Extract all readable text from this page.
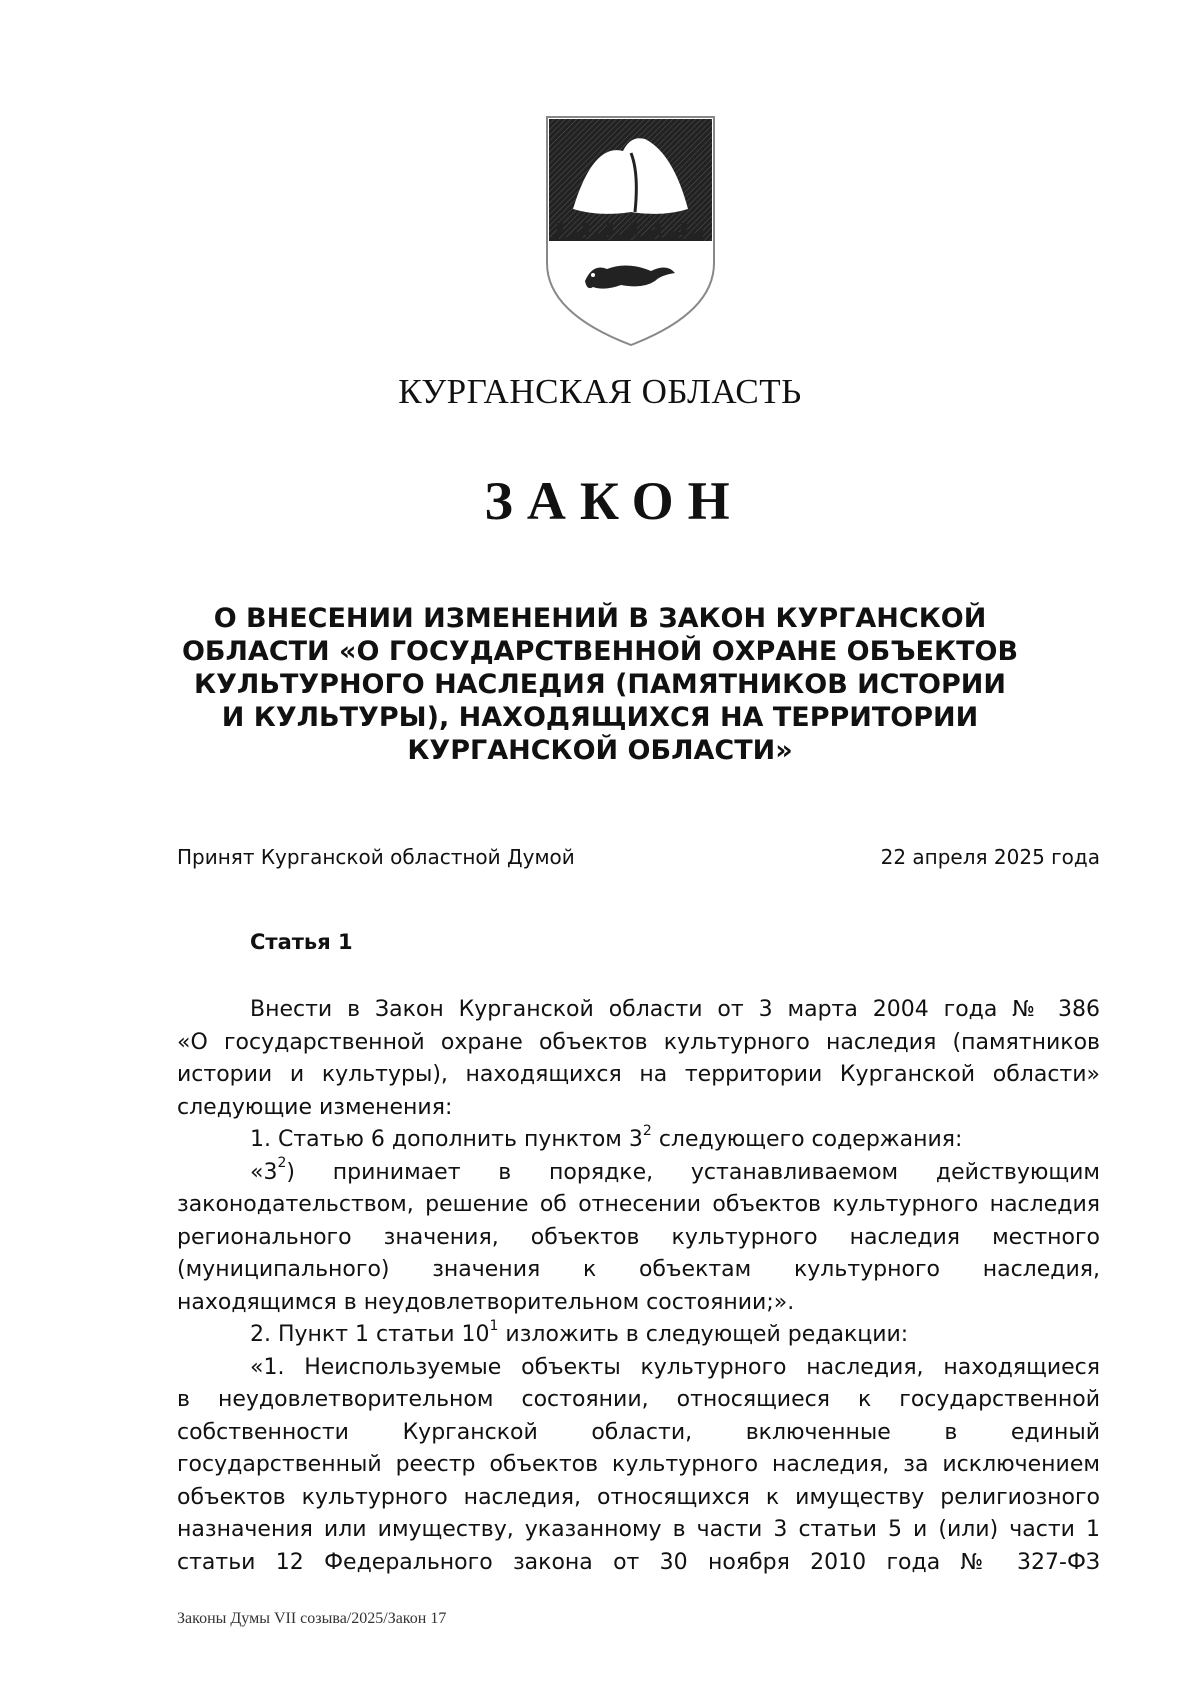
КУРГАНСКАЯ ОБЛАСТЬ
ЗАКОН
О ВНЕСЕНИИ ИЗМЕНЕНИЙ В ЗАКОН КУРГАНСКОЙ
ОБЛАСТИ «О ГОСУДАРСТВЕННОЙ ОХРАНЕ ОБЪЕКТОВ
КУЛЬТУРНОГО НАСЛЕДИЯ (ПАМЯТНИКОВ ИСТОРИИ
И КУЛЬТУРЫ), НАХОДЯЩИХСЯ НА ТЕРРИТОРИИ
КУРГАНСКОЙ ОБЛАСТИ»
Принят Курганской областной Думой	22 апреля 2025 года
Статья 1
Внести в Закон Курганской области от 3 марта 2004 года № 386
«О государственной охране объектов культурного наследия (памятников
истории и культуры), находящихся на территории Курганской области»
следующие изменения:
1. Статью 6 дополнить пунктом $3^2$ следующего содержания:
«$3^2$) принимает в порядке, устанавливаемом действующим
законодательством, решение об отнесении объектов культурного наследия
регионального значения, объектов культурного наследия местного
(муниципального) значения к объектам культурного наследия,
находящимся в неудовлетворительном состоянии;».
2. Пункт 1 статьи $10^1$ изложить в следующей редакции:
«1. Неиспользуемые объекты культурного наследия, находящиеся
в неудовлетворительном состоянии, относящиеся к государственной
собственности Курганской области, включенные в единый
государственный реестр объектов культурного наследия, за исключением
объектов культурного наследия, относящихся к имуществу религиозного
назначения или имуществу, указанному в части 3 статьи 5 и (или) части 1
статьи 12 Федерального закона от 30 ноября 2010 года № 327-ФЗ
Законы Думы VII созыва/2025/Закон 17
